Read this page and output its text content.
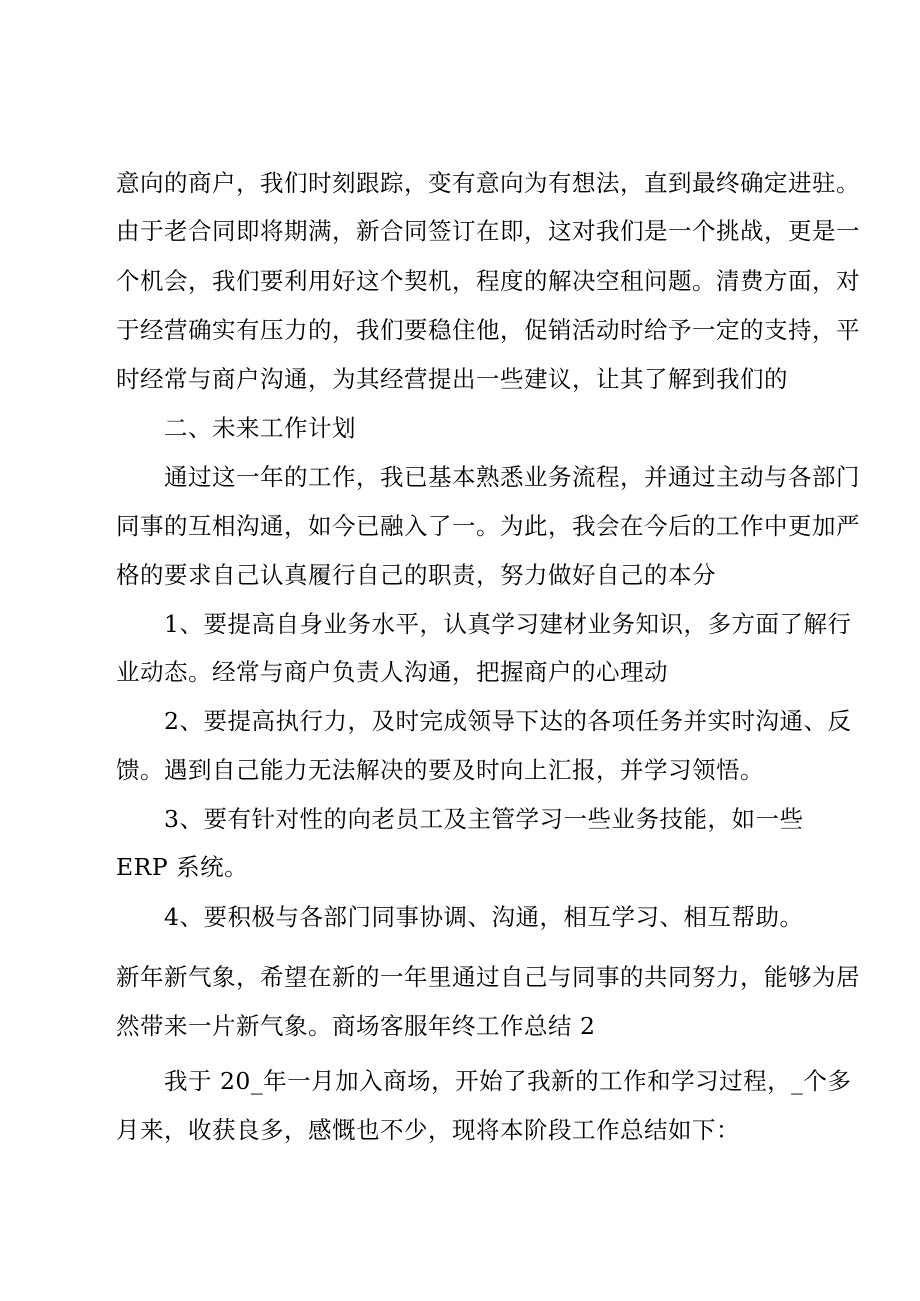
意向的商户，我们时刻跟踪，变有意向为有想法，直到最终确定进驻。
由于老合同即将期满，新合同签订在即，这对我们是一个挑战，更是一
个机会，我们要利用好这个契机，程度的解决空租问题。清费方面，对
于经营确实有压力的，我们要稳住他，促销活动时给予一定的支持，平
时经常与商户沟通，为其经营提出一些建议，让其了解到我们的
二、未来工作计划
通过这一年的工作，我已基本熟悉业务流程，并通过主动与各部门
同事的互相沟通，如今已融入了一。为此，我会在今后的工作中更加严
格的要求自己认真履行自己的职责，努力做好自己的本分
1、要提高自身业务水平，认真学习建材业务知识，多方面了解行
业动态。经常与商户负责人沟通，把握商户的心理动
2、要提高执行力，及时完成领导下达的各项任务并实时沟通、反
馈。遇到自己能力无法解决的要及时向上汇报，并学习领悟。
3、要有针对性的向老员工及主管学习一些业务技能，如一些
ERP 系统。
4、要积极与各部门同事协调、沟通，相互学习、相互帮助。
新年新气象，希望在新的一年里通过自己与同事的共同努力，能够为居
然带来一片新气象。商场客服年终工作总结 2
我于 20_年一月加入商场，开始了我新的工作和学习过程，_个多
月来，收获良多，感慨也不少，现将本阶段工作总结如下：
